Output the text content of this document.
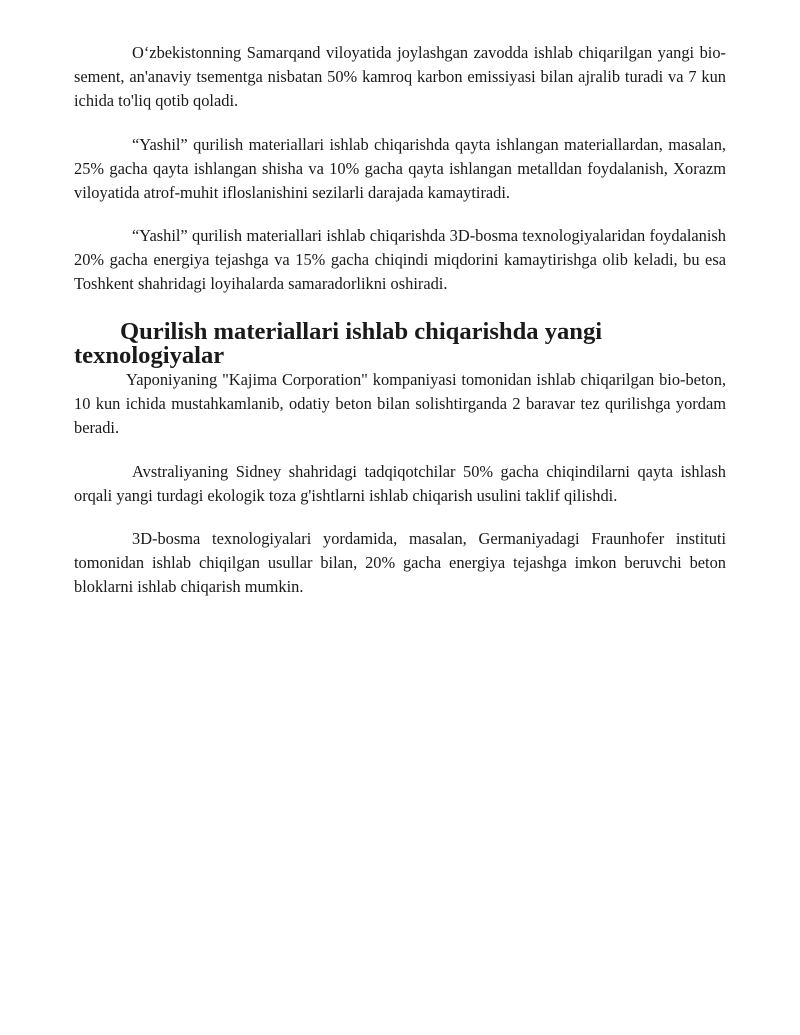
O‘zbekistonning Samarqand viloyatida joylashgan zavodda ishlab chiqarilgan yangi bio-sement, an'anaviy tsementga nisbatan 50% kamroq karbon emissiyasi bilan ajralib turadi va 7 kun ichida to'liq qotib qoladi.

“Yashil” qurilish materiallari ishlab chiqarishda qayta ishlangan materiallardan, masalan, 25% gacha qayta ishlangan shisha va 10% gacha qayta ishlangan metalldan foydalanish, Xorazm viloyatida atrof-muhit ifloslanishini sezilarli darajada kamaytiradi.

“Yashil” qurilish materiallari ishlab chiqarishda 3D-bosma texnologiyalaridan foydalanish 20% gacha energiya tejashga va 15% gacha chiqindi miqdorini kamaytirishga olib keladi, bu esa Toshkent shahridagi loyihalarda samaradorlikni oshiradi.

Qurilish materiallari ishlab chiqarishda yangi texnologiyalar

Yaponiyaning "Kajima Corporation" kompaniyasi tomonidan ishlab chiqarilgan bio-beton, 10 kun ichida mustahkamlanib, odatiy beton bilan solishtirganda 2 baravar tez qurilishga yordam beradi.

Avstraliyaning Sidney shahridagi tadqiqotchilar 50% gacha chiqindilarni qayta ishlash orqali yangi turdagi ekologik toza g'ishtlarni ishlab chiqarish usulini taklif qilishdi.

3D-bosma texnologiyalari yordamida, masalan, Germaniyadagi Fraunhofer instituti tomonidan ishlab chiqilgan usullar bilan, 20% gacha energiya tejashga imkon beruvchi beton bloklarni ishlab chiqarish mumkin.
